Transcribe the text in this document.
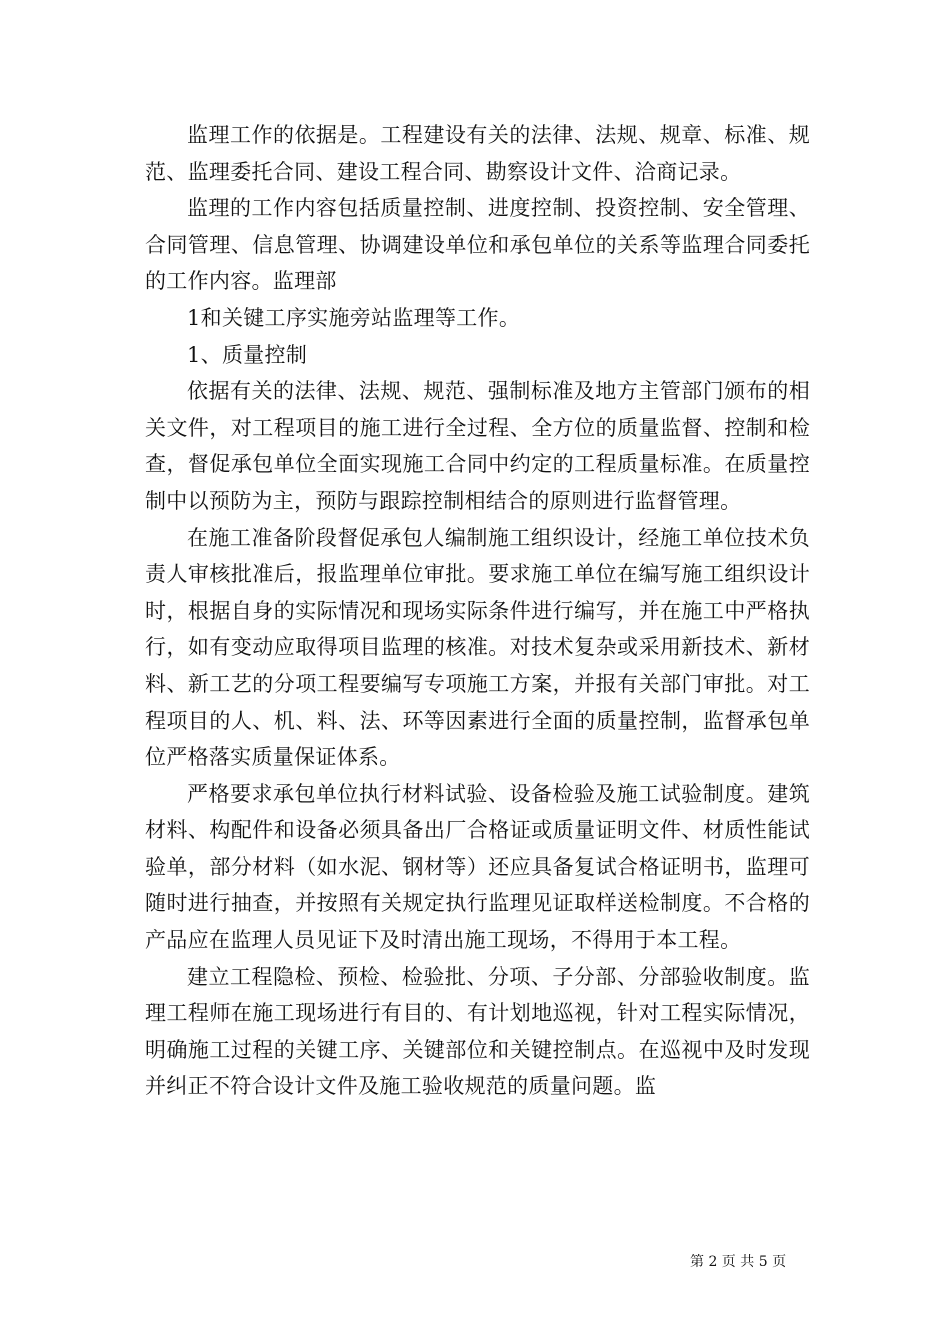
监理工作的依据是。工程建设有关的法律、法规、规章、标准、规范、监理委托合同、建设工程合同、勘察设计文件、洽商记录。

监理的工作内容包括质量控制、进度控制、投资控制、安全管理、合同管理、信息管理、协调建设单位和承包单位的关系等监理合同委托的工作内容。监理部

1和关键工序实施旁站监理等工作。

1、质量控制

依据有关的法律、法规、规范、强制标准及地方主管部门颁布的相关文件，对工程项目的施工进行全过程、全方位的质量监督、控制和检查，督促承包单位全面实现施工合同中约定的工程质量标准。在质量控制中以预防为主，预防与跟踪控制相结合的原则进行监督管理。

在施工准备阶段督促承包人编制施工组织设计，经施工单位技术负责人审核批准后，报监理单位审批。要求施工单位在编写施工组织设计时，根据自身的实际情况和现场实际条件进行编写，并在施工中严格执行，如有变动应取得项目监理的核准。对技术复杂或采用新技术、新材料、新工艺的分项工程要编写专项施工方案，并报有关部门审批。对工程项目的人、机、料、法、环等因素进行全面的质量控制，监督承包单位严格落实质量保证体系。

严格要求承包单位执行材料试验、设备检验及施工试验制度。建筑材料、构配件和设备必须具备出厂合格证或质量证明文件、材质性能试验单，部分材料（如水泥、钢材等）还应具备复试合格证明书，监理可随时进行抽查，并按照有关规定执行监理见证取样送检制度。不合格的产品应在监理人员见证下及时清出施工现场，不得用于本工程。

建立工程隐检、预检、检验批、分项、子分部、分部验收制度。监理工程师在施工现场进行有目的、有计划地巡视，针对工程实际情况，明确施工过程的关键工序、关键部位和关键控制点。在巡视中及时发现并纠正不符合设计文件及施工验收规范的质量问题。监

第 2 页 共 5 页
